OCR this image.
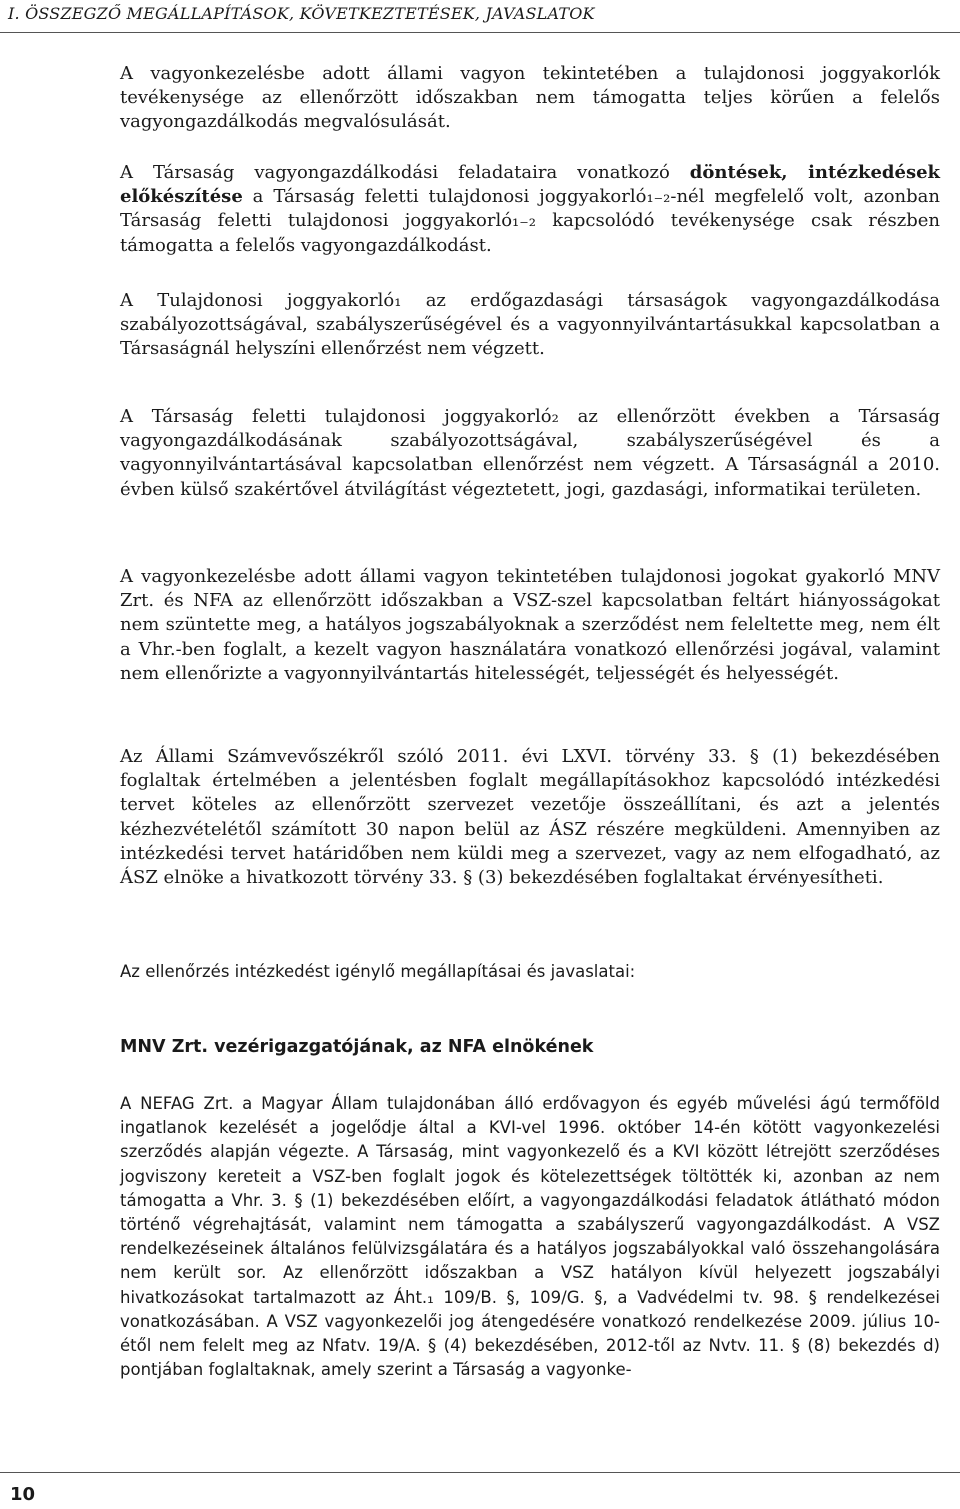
I. ÖSSZEGZŐ MEGÁLLAPÍTÁSOK, KÖVETKEZTETÉSEK, JAVASLATOK

A vagyonkezelésbe adott állami vagyon tekintetében a tulajdonosi joggyakorlók tevékenysége az ellenőrzött időszakban nem támogatta teljes körűen a felelős vagyongazdálkodás megvalósulását.

A Társaság vagyongazdálkodási feladataira vonatkozó döntések, intézkedések előkészítése a Társaság feletti tulajdonosi joggyakorló₁₋₂-nél megfelelő volt, azonban Társaság feletti tulajdonosi joggyakorló₁₋₂ kapcsolódó tevékenysége csak részben támogatta a felelős vagyongazdálkodást.

A Tulajdonosi joggyakorló₁ az erdőgazdasági társaságok vagyongazdálkodása szabályozottságával, szabályszerűségével és a vagyonnyilvántartásukkal kapcsolatban a Társaságnál helyszíni ellenőrzést nem végzett.

A Társaság feletti tulajdonosi joggyakorló₂ az ellenőrzött években a Társaság vagyongazdálkodásának szabályozottságával, szabályszerűségével és a vagyonnyilvántartásával kapcsolatban ellenőrzést nem végzett. A Társaságnál a 2010. évben külső szakértővel átvilágítást végeztetett, jogi, gazdasági, informatikai területen.

A vagyonkezelésbe adott állami vagyon tekintetében tulajdonosi jogokat gyakorló MNV Zrt. és NFA az ellenőrzött időszakban a VSZ-szel kapcsolatban feltárt hiányosságokat nem szüntette meg, a hatályos jogszabályoknak a szerződést nem feleltette meg, nem élt a Vhr.-ben foglalt, a kezelt vagyon használatára vonatkozó ellenőrzési jogával, valamint nem ellenőrizte a vagyonnyilvántartás hitelességét, teljességét és helyességét.

Az Állami Számvevőszékről szóló 2011. évi LXVI. törvény 33. § (1) bekezdésében foglaltak értelmében a jelentésben foglalt megállapításokhoz kapcsolódó intézkedési tervet köteles az ellenőrzött szervezet vezetője összeállítani, és azt a jelentés kézhezvételétől számított 30 napon belül az ÁSZ részére megküldeni. Amennyiben az intézkedési tervet határidőben nem küldi meg a szervezet, vagy az nem elfogadható, az ÁSZ elnöke a hivatkozott törvény 33. § (3) bekezdésében foglaltakat érvényesítheti.

Az ellenőrzés intézkedést igénylő megállapításai és javaslatai:

MNV Zrt. vezérigazgatójának, az NFA elnökének

A NEFAG Zrt. a Magyar Állam tulajdonában álló erdővagyon és egyéb művelési ágú termőföld ingatlanok kezelését a jogelődje által a KVI-vel 1996. október 14-én kötött vagyonkezelési szerződés alapján végezte. A Társaság, mint vagyonkezelő és a KVI között létrejött szerződéses jogviszony kereteit a VSZ-ben foglalt jogok és kötelezettségek töltötték ki, azonban az nem támogatta a Vhr. 3. § (1) bekezdésében előírt, a vagyongazdálkodási feladatok átlátható módon történő végrehajtását, valamint nem támogatta a szabályszerű vagyongazdálkodást. A VSZ rendelkezéseinek általános felülvizsgálatára és a hatályos jogszabályokkal való összehangolására nem került sor. Az ellenőrzött időszakban a VSZ hatályon kívül helyezett jogszabályi hivatkozásokat tartalmazott az Áht.₁ 109/B. §, 109/G. §, a Vadvédelmi tv. 98. § rendelkezései vonatkozásában. A VSZ vagyonkezelői jog átengedésére vonatkozó rendelkezése 2009. július 10-étől nem felelt meg az Nfatv. 19/A. § (4) bekezdésében, 2012-től az Nvtv. 11. § (8) bekezdés d) pontjában foglaltaknak, amely szerint a Társaság a vagyonke-

10
